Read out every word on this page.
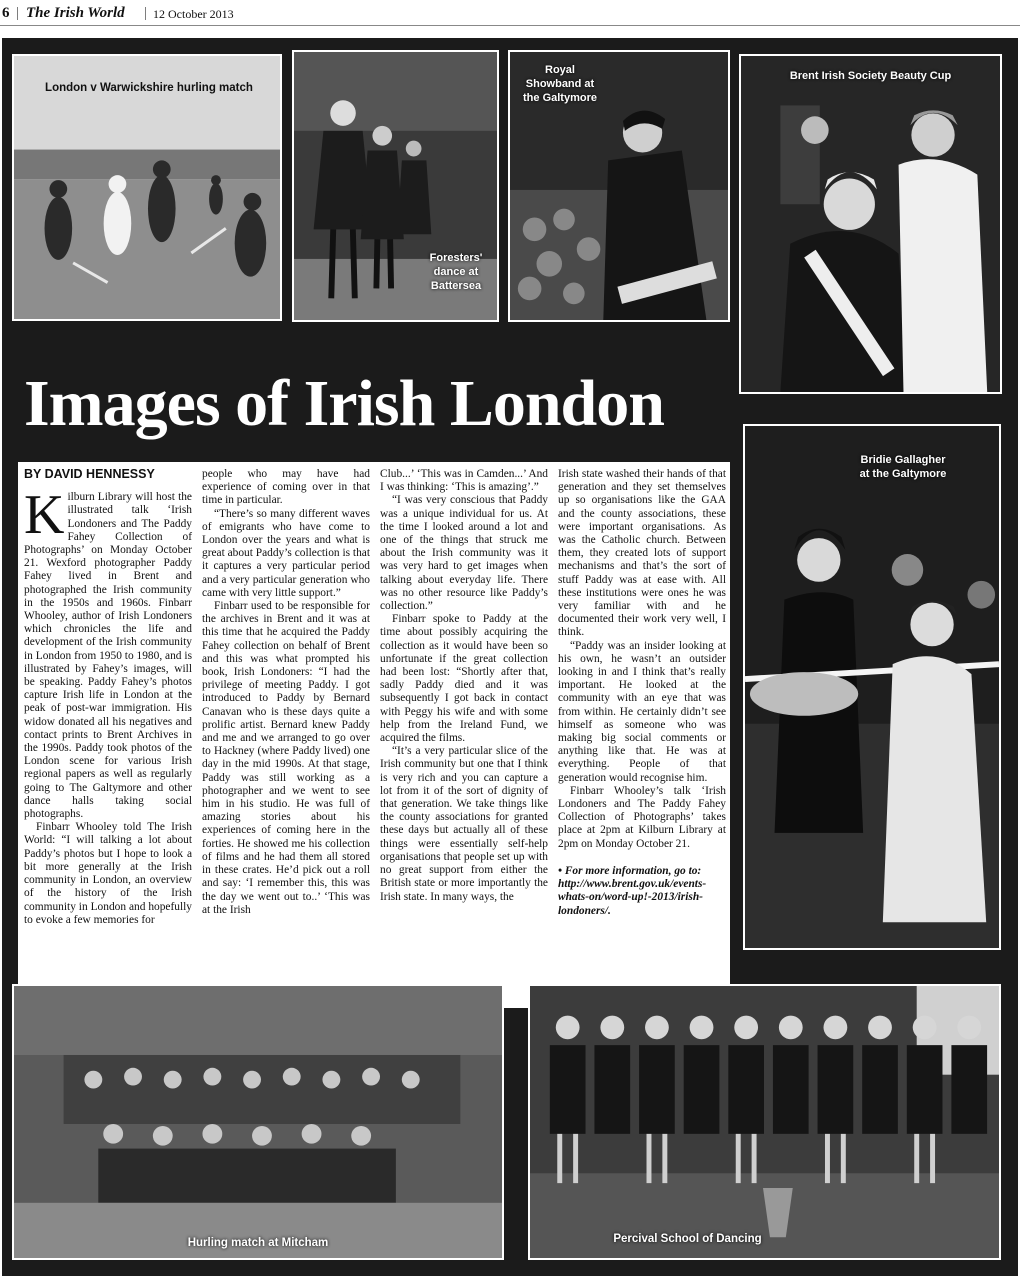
6 | The Irish World | 12 October 2013
London v Warwickshire hurling match
Foresters'
dance at
Battersea
Royal
Showband at
the Galtymore
Brent Irish Society Beauty Cup
Images of Irish London
BY DAVID HENNESSY

Kilburn Library will host the illustrated talk ‘Irish Londoners and The Paddy Fahey Collection of Photographs’ on Monday October 21. Wexford photographer Paddy Fahey lived in Brent and photographed the Irish community in the 1950s and 1960s. Finbarr Whooley, author of Irish Londoners which chronicles the life and development of the Irish community in London from 1950 to 1980, and is illustrated by Fahey’s images, will be speaking. Paddy Fahey’s photos capture Irish life in London at the peak of post-war immigration. His widow donated all his negatives and contact prints to Brent Archives in the 1990s. Paddy took photos of the London scene for various Irish regional papers as well as regularly going to The Galtymore and other dance halls taking social photographs.

Finbarr Whooley told The Irish World: “I will talking a lot about Paddy’s photos but I hope to look a bit more generally at the Irish community in London, an overview of the history of the Irish community in London and hopefully to evoke a few memories for

people who may have had experience of coming over in that time in particular.

“There’s so many different waves of emigrants who have come to London over the years and what is great about Paddy’s collection is that it captures a very particular period and a very particular generation who came with very little support.”

Finbarr used to be responsible for the archives in Brent and it was at this time that he acquired the Paddy Fahey collection on behalf of Brent and this was what prompted his book, Irish Londoners: “I had the privilege of meeting Paddy. I got introduced to Paddy by Bernard Canavan who is these days quite a prolific artist. Bernard knew Paddy and me and we arranged to go over to Hackney (where Paddy lived) one day in the mid 1990s. At that stage, Paddy was still working as a photographer and we went to see him in his studio. He was full of amazing stories about his experiences of coming here in the forties. He showed me his collection of films and he had them all stored in these crates. He’d pick out a roll and say: ‘I remember this, this was the day we went out to..’ ‘This was at the Irish

Club...’ ‘This was in Camden...’ And I was thinking: ‘This is amazing’.”

“I was very conscious that Paddy was a unique individual for us. At the time I looked around a lot and one of the things that struck me about the Irish community was it was very hard to get images when talking about everyday life. There was no other resource like Paddy’s collection.”

Finbarr spoke to Paddy at the time about possibly acquiring the collection as it would have been so unfortunate if the great collection had been lost: “Shortly after that, sadly Paddy died and it was subsequently I got back in contact with Peggy his wife and with some help from the Ireland Fund, we acquired the films.

“It’s a very particular slice of the Irish community but one that I think is very rich and you can capture a lot from it of the sort of dignity of that generation. We take things like the county associations for granted these days but actually all of these things were essentially self-help organisations that people set up with no great support from either the British state or more importantly the Irish state. In many ways, the

Irish state washed their hands of that generation and they set themselves up so organisations like the GAA and the county associations, these were important organisations. As was the Catholic church. Between them, they created lots of support mechanisms and that’s the sort of stuff Paddy was at ease with. All these institutions were ones he was very familiar with and he documented their work very well, I think.

“Paddy was an insider looking at his own, he wasn’t an outsider looking in and I think that’s really important. He looked at the community with an eye that was from within. He certainly didn’t see himself as someone who was making big social comments or anything like that. He was at everything. People of that generation would recognise him.

Finbarr Whooley’s talk ‘Irish Londoners and The Paddy Fahey Collection of Photographs’ takes place at 2pm at Kilburn Library at 2pm on Monday October 21.

• For more information, go to: http://www.brent.gov.uk/events-whats-on/word-up!-2013/irish-londoners/.

Bridie Gallagher
at the Galtymore
Hurling match at Mitcham	Percival School of Dancing
